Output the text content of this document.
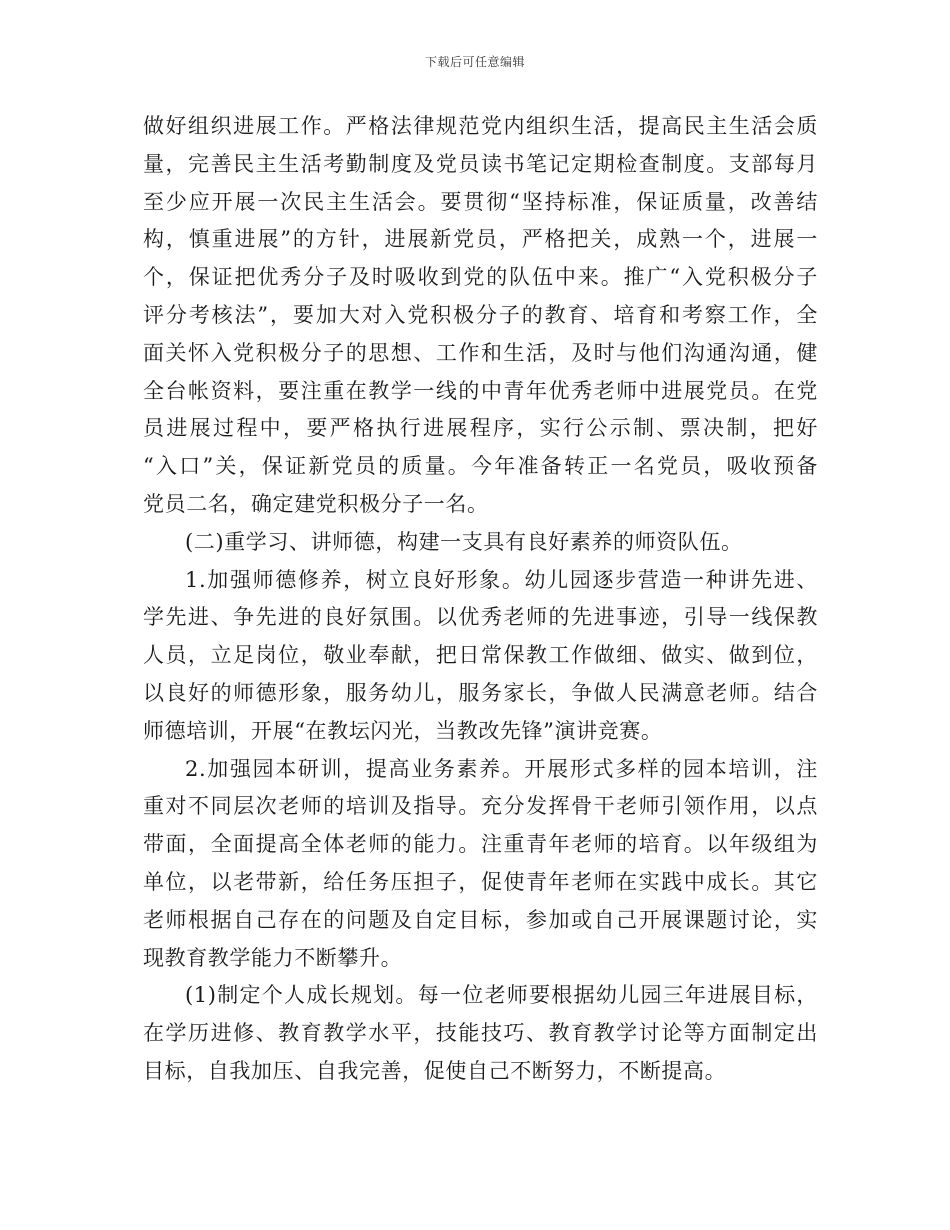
下载后可任意编辑

做好组织进展工作。严格法律规范党内组织生活，提高民主生活会质
量，完善民主生活考勤制度及党员读书笔记定期检查制度。支部每月
至少应开展一次民主生活会。要贯彻“坚持标准，保证质量，改善结
构，慎重进展”的方针，进展新党员，严格把关，成熟一个，进展一
个，保证把优秀分子及时吸收到党的队伍中来。推广“入党积极分子
评分考核法”，要加大对入党积极分子的教育、培育和考察工作，全
面关怀入党积极分子的思想、工作和生活，及时与他们沟通沟通，健
全台帐资料，要注重在教学一线的中青年优秀老师中进展党员。在党
员进展过程中，要严格执行进展程序，实行公示制、票决制，把好
“入口”关，保证新党员的质量。今年准备转正一名党员，吸收预备
党员二名，确定建党积极分子一名。

(二)重学习、讲师德，构建一支具有良好素养的师资队伍。

1.加强师德修养，树立良好形象。幼儿园逐步营造一种讲先进、
学先进、争先进的良好氛围。以优秀老师的先进事迹，引导一线保教
人员，立足岗位，敬业奉献，把日常保教工作做细、做实、做到位，
以良好的师德形象，服务幼儿，服务家长，争做人民满意老师。结合
师德培训，开展“在教坛闪光，当教改先锋”演讲竞赛。

2.加强园本研训，提高业务素养。开展形式多样的园本培训，注
重对不同层次老师的培训及指导。充分发挥骨干老师引领作用，以点
带面，全面提高全体老师的能力。注重青年老师的培育。以年级组为
单位，以老带新，给任务压担子，促使青年老师在实践中成长。其它
老师根据自己存在的问题及自定目标，参加或自己开展课题讨论，实
现教育教学能力不断攀升。

(1)制定个人成长规划。每一位老师要根据幼儿园三年进展目标，
在学历进修、教育教学水平，技能技巧、教育教学讨论等方面制定出
目标，自我加压、自我完善，促使自己不断努力，不断提高。
